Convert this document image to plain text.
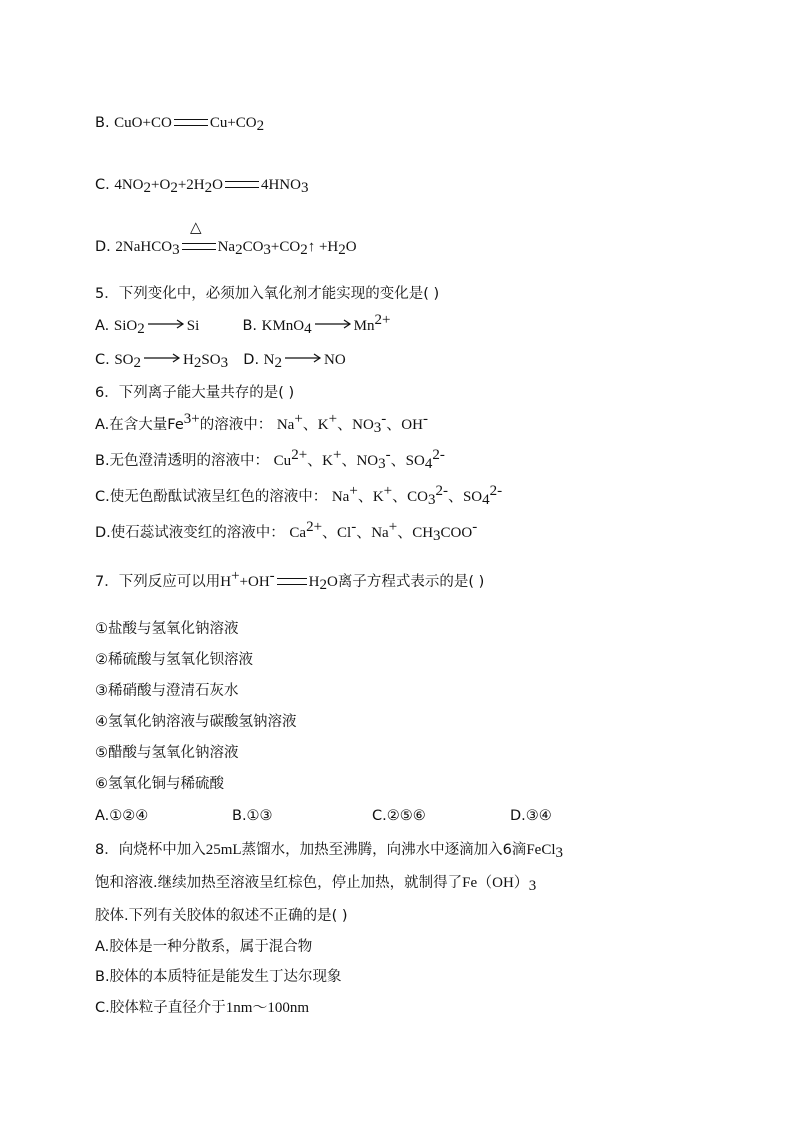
B. CuO+CO	$Cu+CO_2$
C. $4NO_2+O_2+2H_2O$	$4HNO_3$
△
D. 2NaHCO$_3$	$Na_2CO_3+CO_2↑ +H_2O$
5．下列变化中，必须加入氧化剂才能实现的变化是( )
A. SiO$_2$	Si	B. KMnO$_4$	$Mn^{2+}$
C. $SO_2$	$H_2SO_3$ D. $N_2$	NO
6．下列离子能大量共存的是( )
A.在含大量$Fe^{3+}$的溶液中： Na+、K+、$NO_3^-$、OH-
B.无色澄清透明的溶液中： $Cu^{2+}$、K+、$NO_3^-$、$SO_4^{2-}$
C.使无色酚酞试液呈红色的溶液中： Na+、K+、$CO_3^{2-}$、$SO_4^{2-}$
D.使石蕊试液变红的溶液中： $Ca^{2+}$、Cl-、Na+、$CH_3COO^-$
7．下列反应可以用H++OH- $H_2O$离子方程式表示的是( )
①盐酸与氢氧化钠溶液
②稀硫酸与氢氧化钡溶液
③稀硝酸与澄清石灰水
④氢氧化钠溶液与碳酸氢钠溶液
⑤醋酸与氢氧化钠溶液
⑥氢氧化铜与稀硫酸
A.①②④	B.①③	C.②⑤⑥	D.③④
8．向烧杯中加入25mL蒸馏水，加热至沸腾，向沸水中逐滴加入6滴FeCl$_3$
饱和溶液.继续加热至溶液呈红棕色，停止加热，就制得了$Fe(OH)_3$
胶体.下列有关胶体的叙述不正确的是( )
A.胶体是一种分散系，属于混合物
B.胶体的本质特征是能发生丁达尔现象
C.胶体粒子直径介于1nm～100nm
